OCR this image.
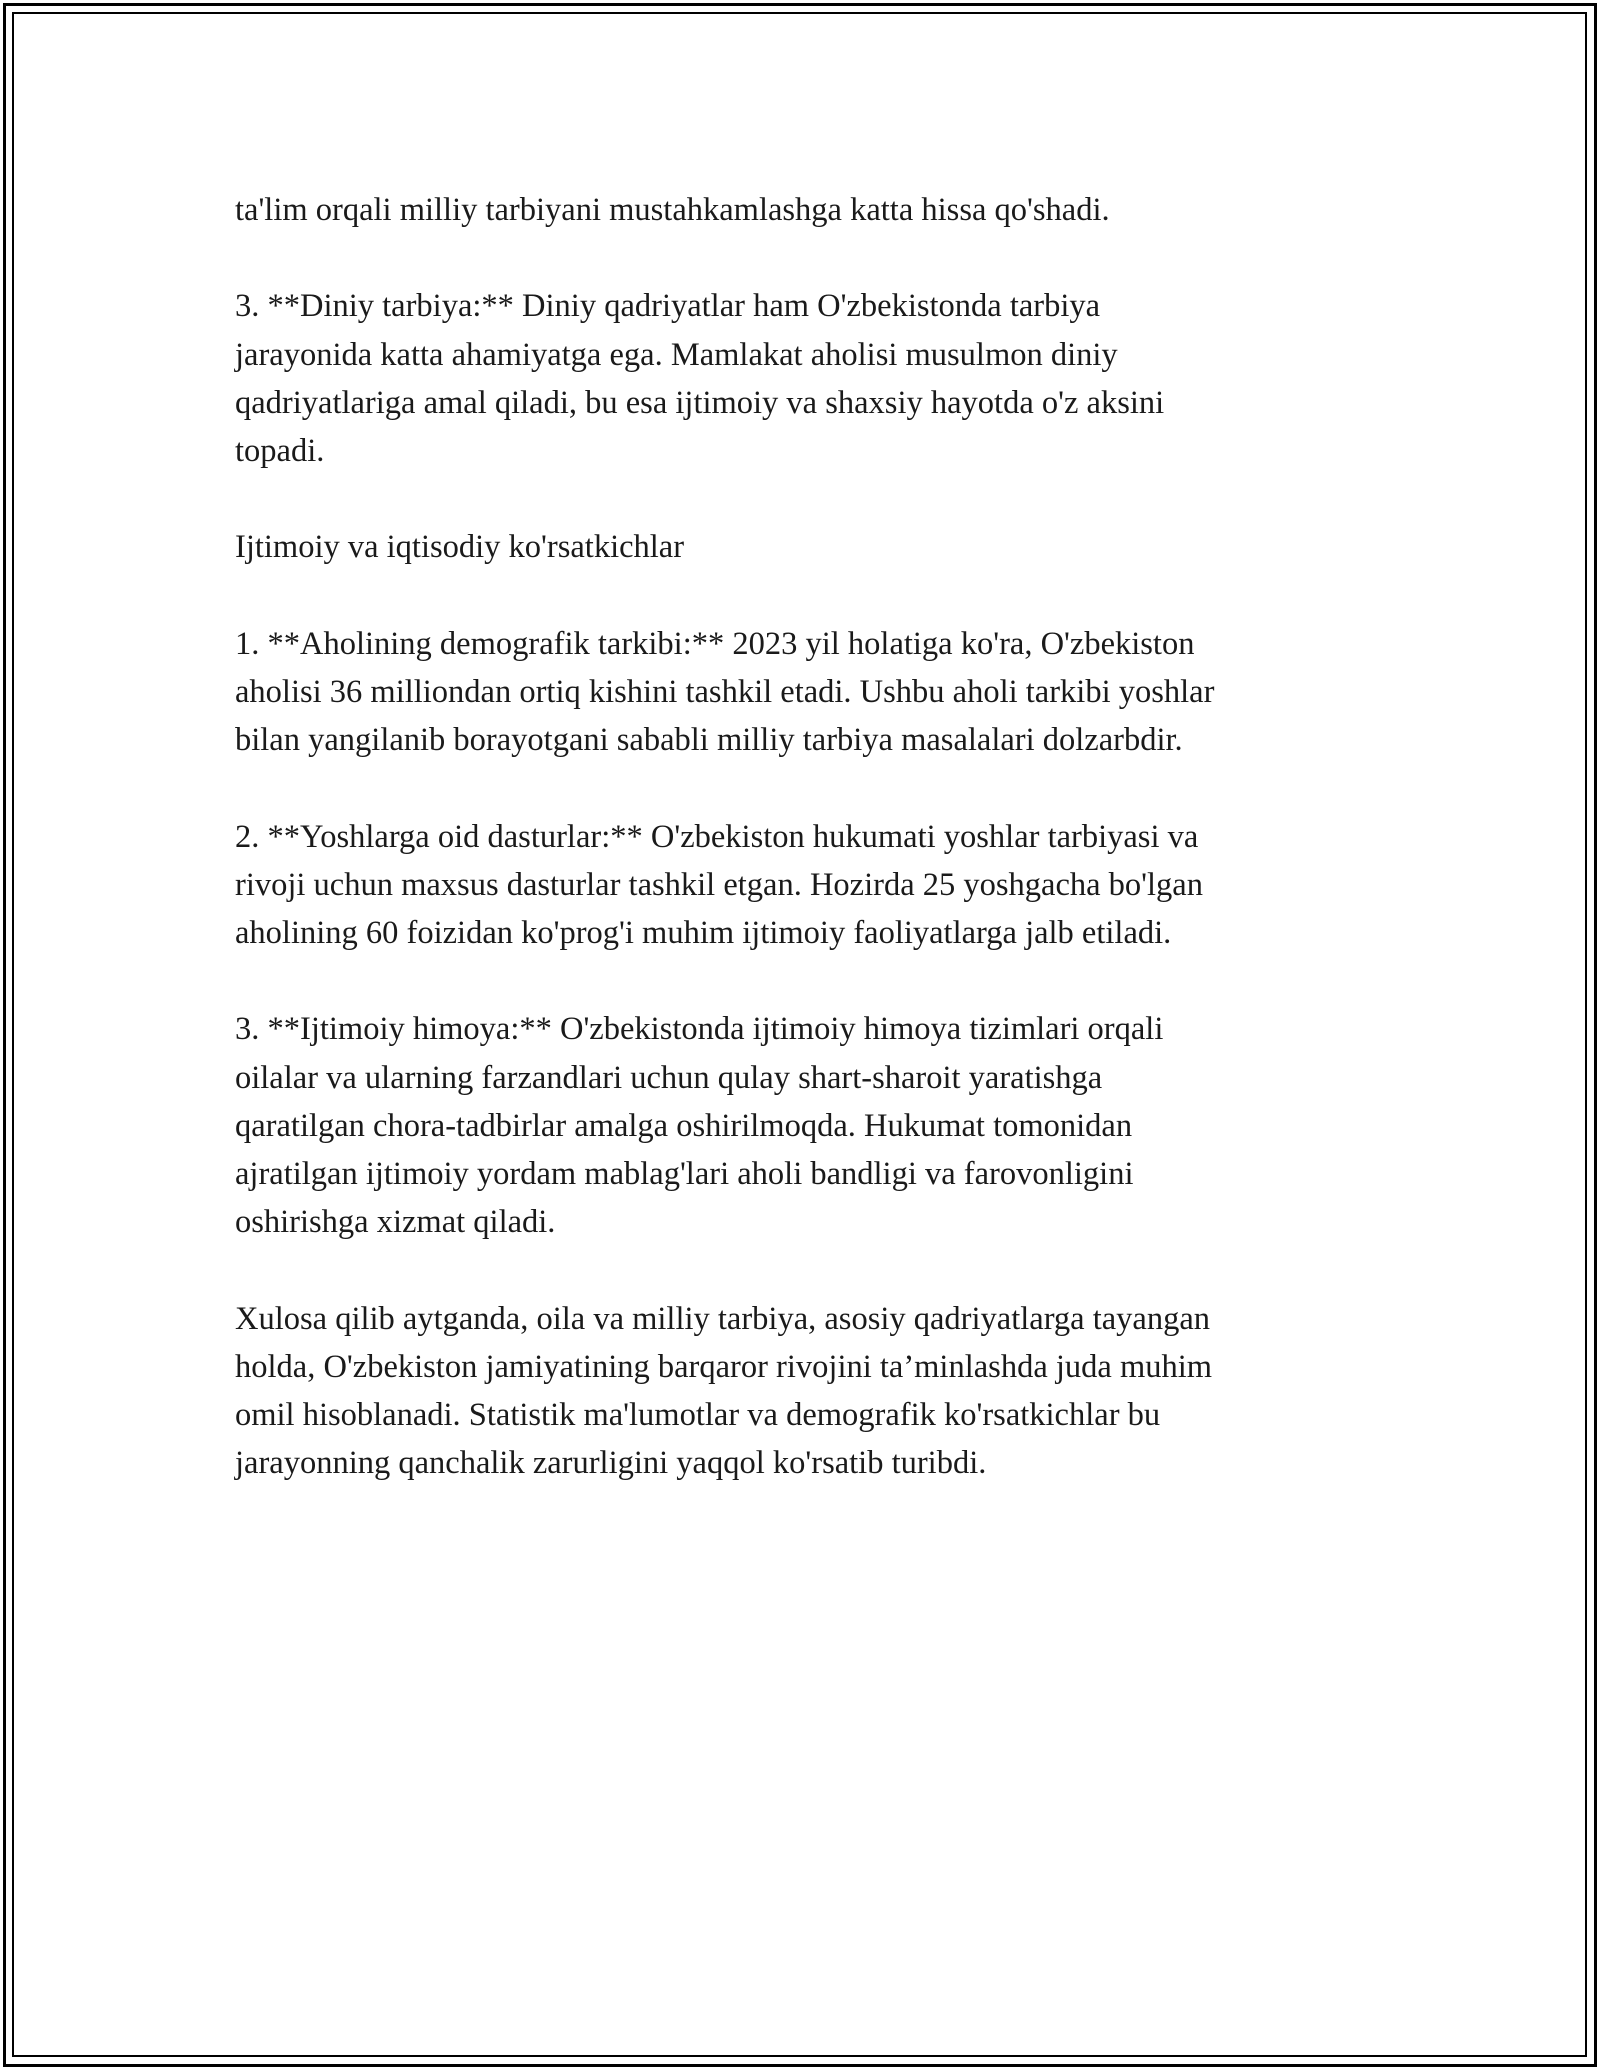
ta'lim orqali milliy tarbiyani mustahkamlashga katta hissa qo'shadi.

3. **Diniy tarbiya:** Diniy qadriyatlar ham O'zbekistonda tarbiya
jarayonida katta ahamiyatga ega. Mamlakat aholisi musulmon diniy
qadriyatlariga amal qiladi, bu esa ijtimoiy va shaxsiy hayotda o'z aksini
topadi.

Ijtimoiy va iqtisodiy ko'rsatkichlar

1. **Aholining demografik tarkibi:** 2023 yil holatiga ko'ra, O'zbekiston
aholisi 36 milliondan ortiq kishini tashkil etadi. Ushbu aholi tarkibi yoshlar
bilan yangilanib borayotgani sababli milliy tarbiya masalalari dolzarbdir.

2. **Yoshlarga oid dasturlar:** O'zbekiston hukumati yoshlar tarbiyasi va
rivoji uchun maxsus dasturlar tashkil etgan. Hozirda 25 yoshgacha bo'lgan
aholining 60 foizidan ko'prog'i muhim ijtimoiy faoliyatlarga jalb etiladi.

3. **Ijtimoiy himoya:** O'zbekistonda ijtimoiy himoya tizimlari orqali
oilalar va ularning farzandlari uchun qulay shart-sharoit yaratishga
qaratilgan chora-tadbirlar amalga oshirilmoqda. Hukumat tomonidan
ajratilgan ijtimoiy yordam mablag'lari aholi bandligi va farovonligini
oshirishga xizmat qiladi.

Xulosa qilib aytganda, oila va milliy tarbiya, asosiy qadriyatlarga tayangan
holda, O'zbekiston jamiyatining barqaror rivojini ta’minlashda juda muhim
omil hisoblanadi. Statistik ma'lumotlar va demografik ko'rsatkichlar bu
jarayonning qanchalik zarurligini yaqqol ko'rsatib turibdi.
